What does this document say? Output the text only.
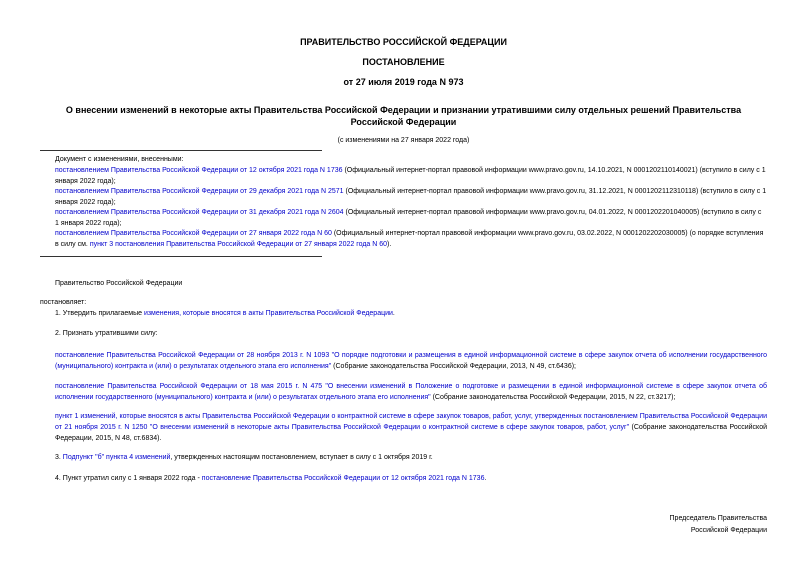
ПРАВИТЕЛЬСТВО РОССИЙСКОЙ ФЕДЕРАЦИИ
ПОСТАНОВЛЕНИЕ
от 27 июля 2019 года N 973
О внесении изменений в некоторые акты Правительства Российской Федерации и признании утратившими силу отдельных решений Правительства Российской Федерации
(с изменениями на 27 января 2022 года)
Документ с изменениями, внесенными:
постановлением Правительства Российской Федерации от 12 октября 2021 года N 1736 (Официальный интернет-портал правовой информации www.pravo.gov.ru, 14.10.2021, N 0001202110140021) (вступило в силу с 1 января 2022 года);
постановлением Правительства Российской Федерации от 29 декабря 2021 года N 2571 (Официальный интернет-портал правовой информации www.pravo.gov.ru, 31.12.2021, N 0001202112310118) (вступило в силу с 1 января 2022 года);
постановлением Правительства Российской Федерации от 31 декабря 2021 года N 2604 (Официальный интернет-портал правовой информации www.pravo.gov.ru, 04.01.2022, N 0001202201040005) (вступило в силу с 1 января 2022 года);
постановлением Правительства Российской Федерации от 27 января 2022 года N 60 (Официальный интернет-портал правовой информации www.pravo.gov.ru, 03.02.2022, N 0001202202030005) (о порядке вступления в силу см. пункт 3 постановления Правительства Российской Федерации от 27 января 2022 года N 60).
Правительство Российской Федерации
постановляет:
1. Утвердить прилагаемые изменения, которые вносятся в акты Правительства Российской Федерации.
2. Признать утратившими силу:
постановление Правительства Российской Федерации от 28 ноября 2013 г. N 1093 "О порядке подготовки и размещения в единой информационной системе в сфере закупок отчета об исполнении государственного (муниципального) контракта и (или) о результатах отдельного этапа его исполнения" (Собрание законодательства Российской Федерации, 2013, N 49, ст.6436);
постановление Правительства Российской Федерации от 18 мая 2015 г. N 475 "О внесении изменений в Положение о подготовке и размещении в единой информационной системе в сфере закупок отчета об исполнении государственного (муниципального) контракта и (или) о результатах отдельного этапа его исполнения" (Собрание законодательства Российской Федерации, 2015, N 22, ст.3217);
пункт 1 изменений, которые вносятся в акты Правительства Российской Федерации о контрактной системе в сфере закупок товаров, работ, услуг, утвержденных постановлением Правительства Российской Федерации от 21 ноября 2015 г. N 1250 "О внесении изменений в некоторые акты Правительства Российской Федерации о контрактной системе в сфере закупок товаров, работ, услуг" (Собрание законодательства Российской Федерации, 2015, N 48, ст.6834).
3. Подпункт "б" пункта 4 изменений, утвержденных настоящим постановлением, вступает в силу с 1 октября 2019 г.
4. Пункт утратил силу с 1 января 2022 года - постановление Правительства Российской Федерации от 12 октября 2021 года N 1736.
Председатель Правительства
Российской Федерации
